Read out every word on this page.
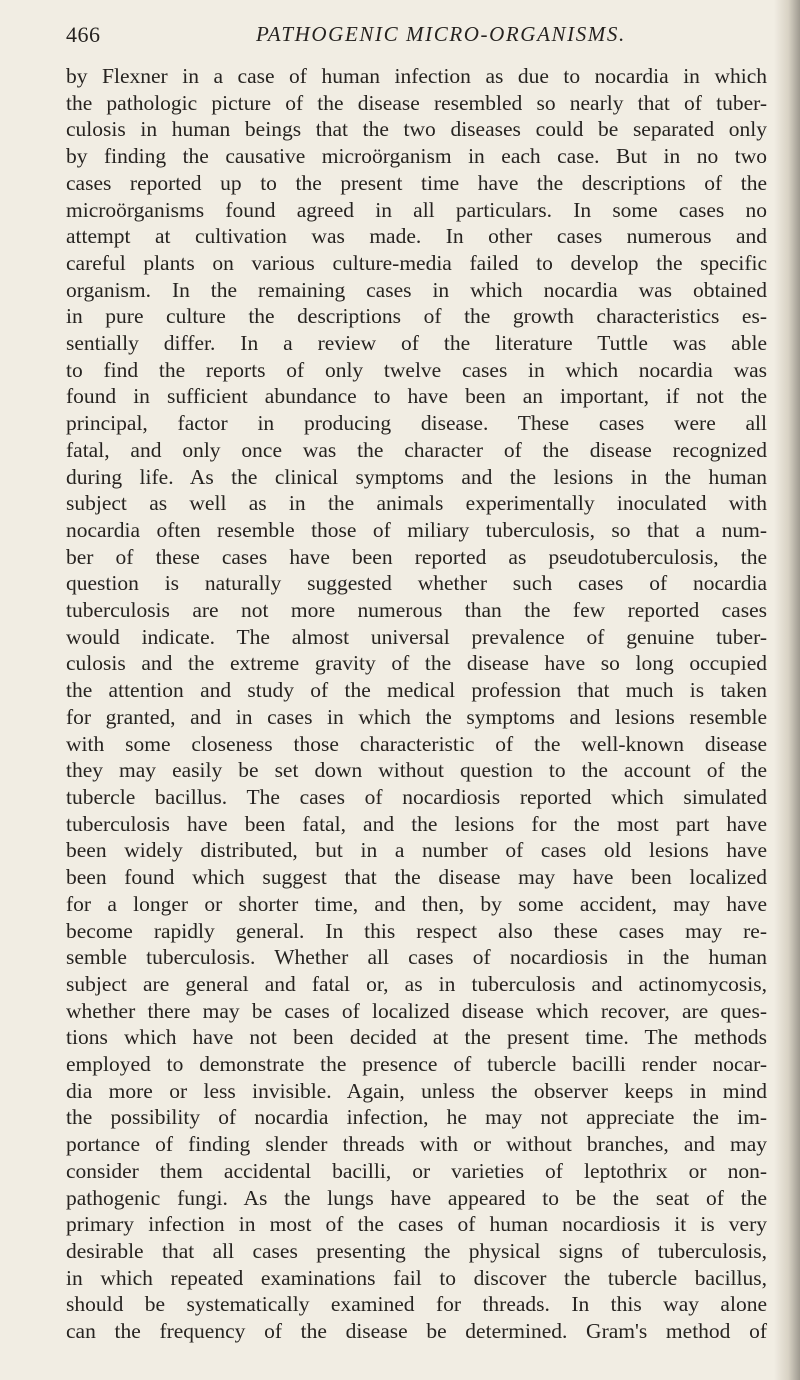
466	PATHOGENIC MICRO-ORGANISMS.
by Flexner in a case of human infection as due to nocardia in which
the pathologic picture of the disease resembled so nearly that of tuber-
culosis in human beings that the two diseases could be separated only
by finding the causative microörganism in each case. But in no two
cases reported up to the present time have the descriptions of the
microörganisms found agreed in all particulars. In some cases no
attempt at cultivation was made. In other cases numerous and
careful plants on various culture-media failed to develop the specific
organism. In the remaining cases in which nocardia was obtained
in pure culture the descriptions of the growth characteristics es-
sentially differ. In a review of the literature Tuttle was able
to find the reports of only twelve cases in which nocardia was
found in sufficient abundance to have been an important, if not the
principal, factor in producing disease. These cases were all
fatal, and only once was the character of the disease recognized
during life. As the clinical symptoms and the lesions in the human
subject as well as in the animals experimentally inoculated with
nocardia often resemble those of miliary tuberculosis, so that a num-
ber of these cases have been reported as pseudotuberculosis, the
question is naturally suggested whether such cases of nocardia
tuberculosis are not more numerous than the few reported cases
would indicate. The almost universal prevalence of genuine tuber-
culosis and the extreme gravity of the disease have so long occupied
the attention and study of the medical profession that much is taken
for granted, and in cases in which the symptoms and lesions resemble
with some closeness those characteristic of the well-known disease
they may easily be set down without question to the account of the
tubercle bacillus. The cases of nocardiosis reported which simulated
tuberculosis have been fatal, and the lesions for the most part have
been widely distributed, but in a number of cases old lesions have
been found which suggest that the disease may have been localized
for a longer or shorter time, and then, by some accident, may have
become rapidly general. In this respect also these cases may re-
semble tuberculosis. Whether all cases of nocardiosis in the human
subject are general and fatal or, as in tuberculosis and actinomycosis,
whether there may be cases of localized disease which recover, are ques-
tions which have not been decided at the present time. The methods
employed to demonstrate the presence of tubercle bacilli render nocar-
dia more or less invisible. Again, unless the observer keeps in mind
the possibility of nocardia infection, he may not appreciate the im-
portance of finding slender threads with or without branches, and may
consider them accidental bacilli, or varieties of leptothrix or non-
pathogenic fungi. As the lungs have appeared to be the seat of the
primary infection in most of the cases of human nocardiosis it is very
desirable that all cases presenting the physical signs of tuberculosis,
in which repeated examinations fail to discover the tubercle bacillus,
should be systematically examined for threads. In this way alone
can the frequency of the disease be determined. Gram's method of
